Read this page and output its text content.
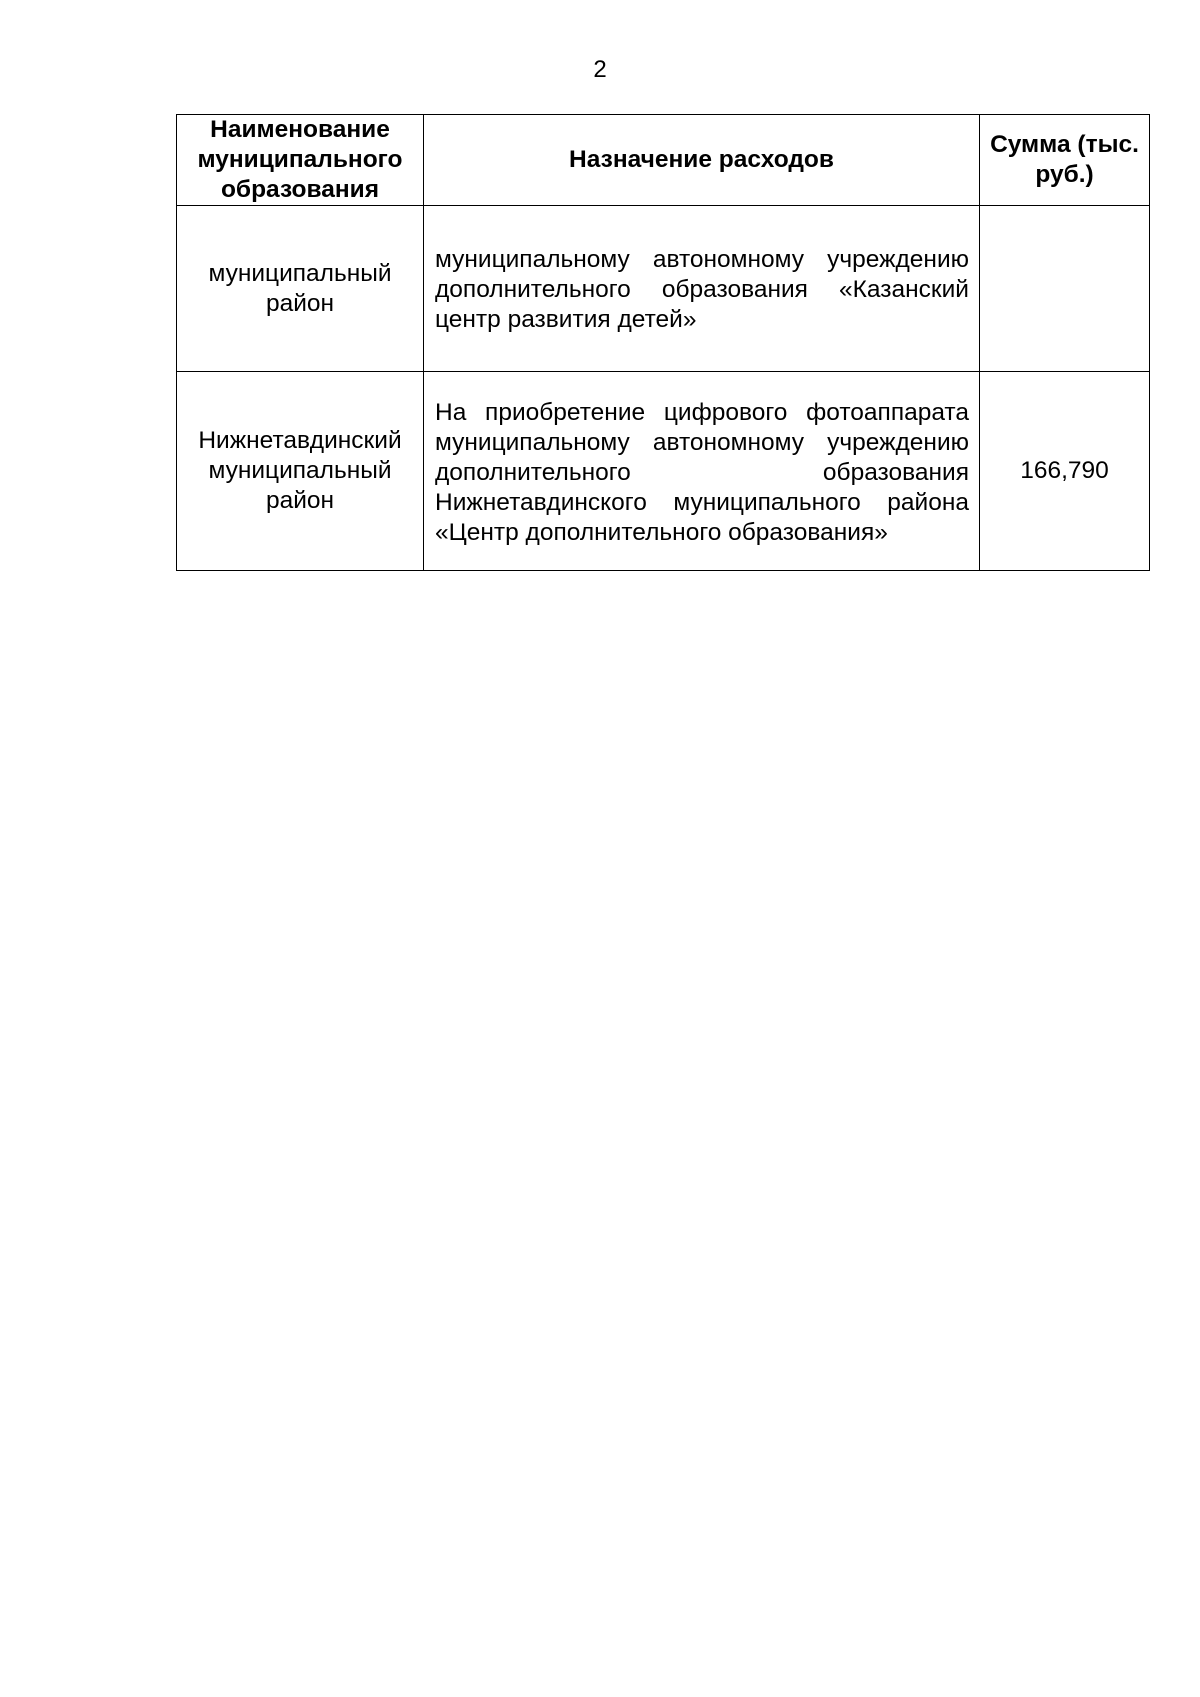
2
Наименование муниципального образования	Назначение расходов	Сумма (тыс. руб.)

муниципальный район	муниципальному автономному учреждению дополнительного образования «Казанский центр развития детей»	

Нижнетавдинский муниципальный район	На приобретение цифрового фотоаппарата муниципальному автономному учреждению дополнительного образования Нижнетавдинского муниципального района «Центр дополнительного образования»	166,790
